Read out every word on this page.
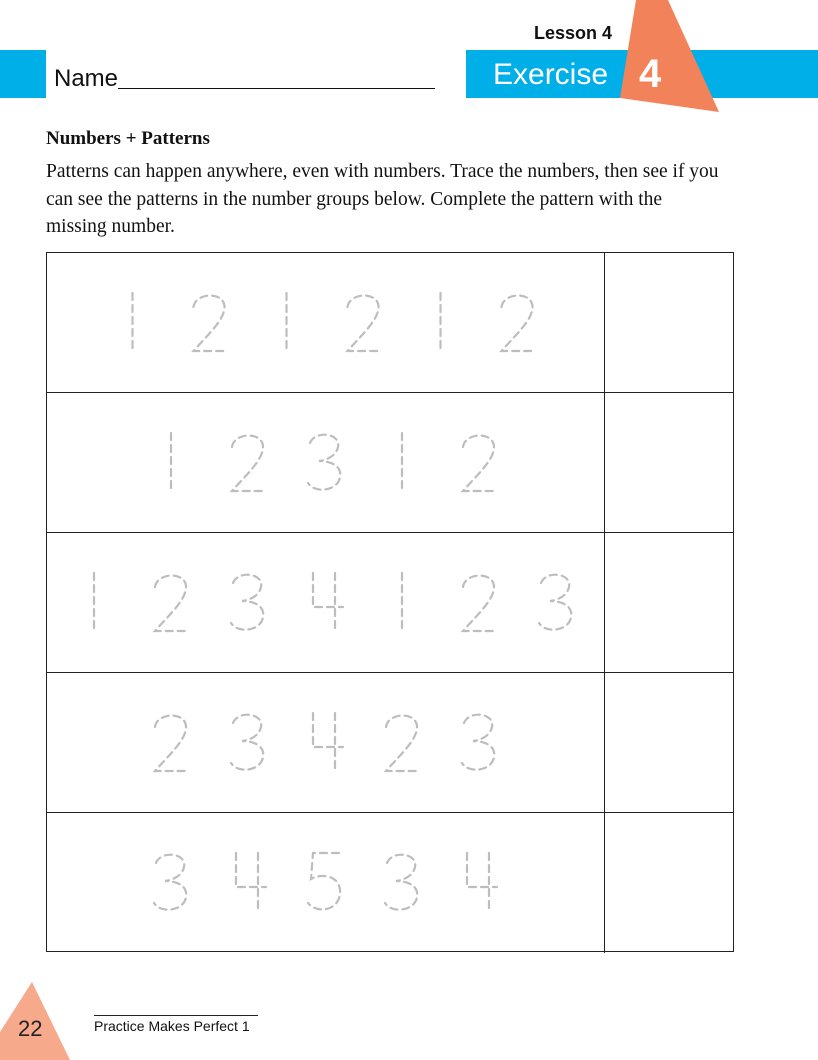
Name
Lesson 4
Exercise 4
Numbers + Patterns
Patterns can happen anywhere, even with numbers. Trace the numbers, then see if you can see the patterns in the number groups below. Complete the pattern with the missing number.
22	Practice Makes Perfect 1
